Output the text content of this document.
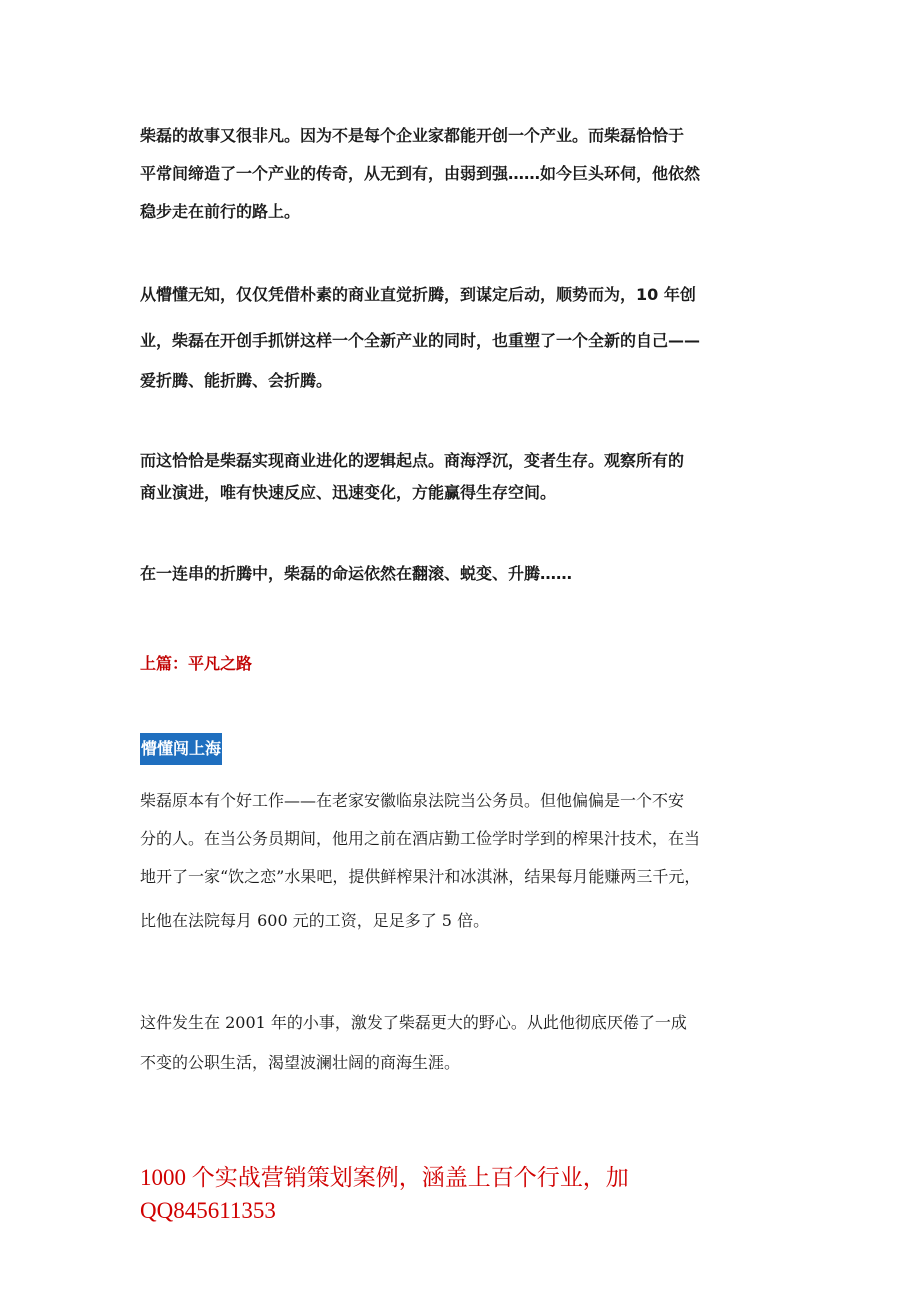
柴磊的故事又很非凡。因为不是每个企业家都能开创一个产业。而柴磊恰恰于
平常间缔造了一个产业的传奇，从无到有，由弱到强……如今巨头环伺，他依然
稳步走在前行的路上。
从懵懂无知，仅仅凭借朴素的商业直觉折腾，到谋定后动，顺势而为，10 年创
业，柴磊在开创手抓饼这样一个全新产业的同时，也重塑了一个全新的自己——
爱折腾、能折腾、会折腾。
而这恰恰是柴磊实现商业进化的逻辑起点。商海浮沉，变者生存。观察所有的
商业演进，唯有快速反应、迅速变化，方能赢得生存空间。
在一连串的折腾中，柴磊的命运依然在翻滚、蜕变、升腾……
上篇：平凡之路
懵懂闯上海
柴磊原本有个好工作——在老家安徽临泉法院当公务员。但他偏偏是一个不安
分的人。在当公务员期间，他用之前在酒店勤工俭学时学到的榨果汁技术，在当
地开了一家“饮之恋”水果吧，提供鲜榨果汁和冰淇淋，结果每月能赚两三千元，
比他在法院每月 600 元的工资，足足多了 5 倍。
这件发生在 2001 年的小事，激发了柴磊更大的野心。从此他彻底厌倦了一成
不变的公职生活，渴望波澜壮阔的商海生涯。
1000 个实战营销策划案例，涵盖上百个行业，加
QQ845611353
